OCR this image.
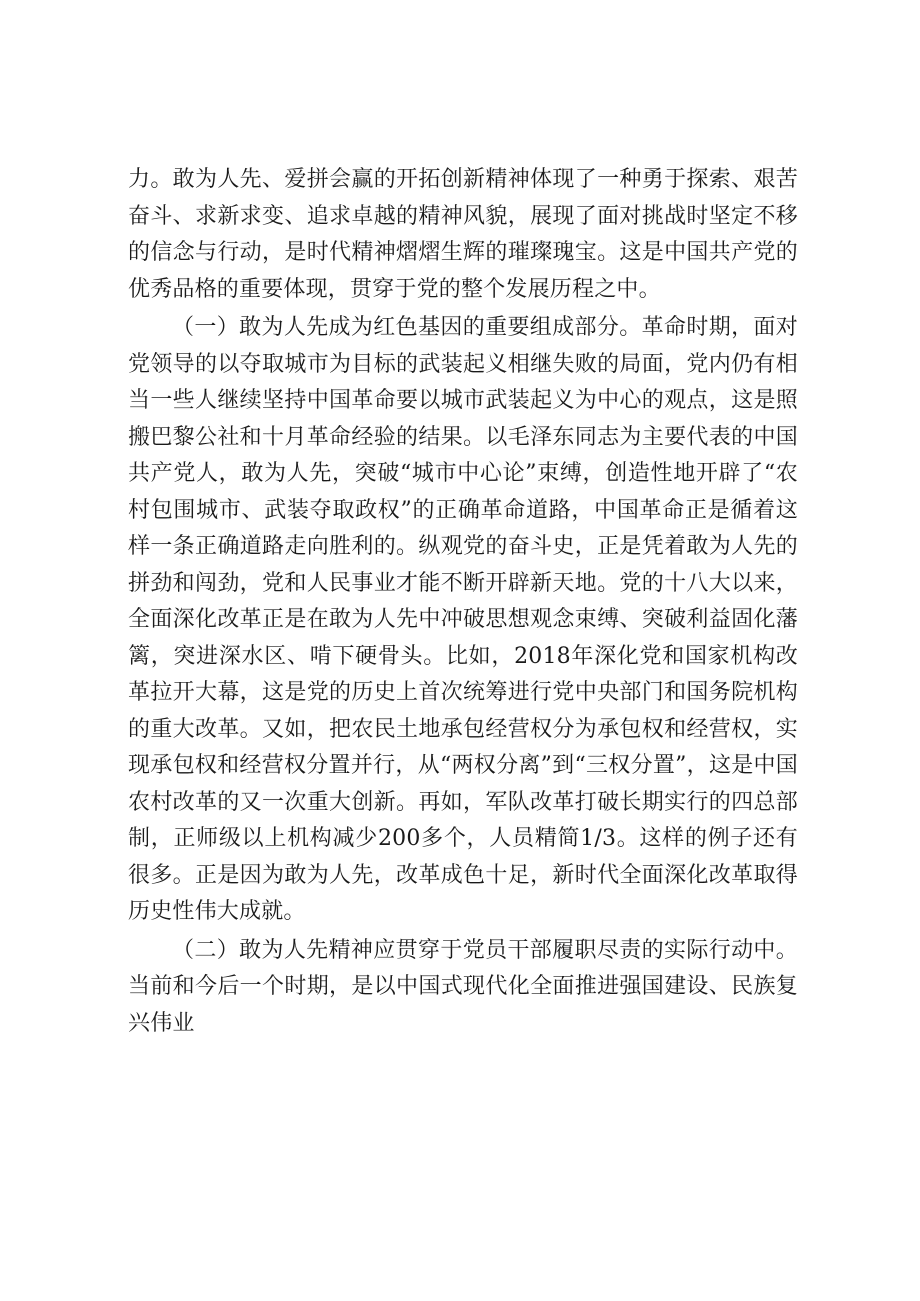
力。敢为人先、爱拼会赢的开拓创新精神体现了一种勇于探索、艰苦奋斗、求新求变、追求卓越的精神风貌，展现了面对挑战时坚定不移的信念与行动，是时代精神熠熠生辉的璀璨瑰宝。这是中国共产党的优秀品格的重要体现，贯穿于党的整个发展历程之中。

（一）敢为人先成为红色基因的重要组成部分。革命时期，面对党领导的以夺取城市为目标的武装起义相继失败的局面，党内仍有相当一些人继续坚持中国革命要以城市武装起义为中心的观点，这是照搬巴黎公社和十月革命经验的结果。以毛泽东同志为主要代表的中国共产党人，敢为人先，突破“城市中心论”束缚，创造性地开辟了“农村包围城市、武装夺取政权”的正确革命道路，中国革命正是循着这样一条正确道路走向胜利的。纵观党的奋斗史，正是凭着敢为人先的拼劲和闯劲，党和人民事业才能不断开辟新天地。党的十八大以来，全面深化改革正是在敢为人先中冲破思想观念束缚、突破利益固化藩篱，突进深水区、啃下硬骨头。比如，2018年深化党和国家机构改革拉开大幕，这是党的历史上首次统筹进行党中央部门和国务院机构的重大改革。又如，把农民土地承包经营权分为承包权和经营权，实现承包权和经营权分置并行，从“两权分离”到“三权分置”，这是中国农村改革的又一次重大创新。再如，军队改革打破长期实行的四总部制，正师级以上机构减少200多个，人员精简1/3。这样的例子还有很多。正是因为敢为人先，改革成色十足，新时代全面深化改革取得历史性伟大成就。

（二）敢为人先精神应贯穿于党员干部履职尽责的实际行动中。当前和今后一个时期，是以中国式现代化全面推进强国建设、民族复兴伟业
